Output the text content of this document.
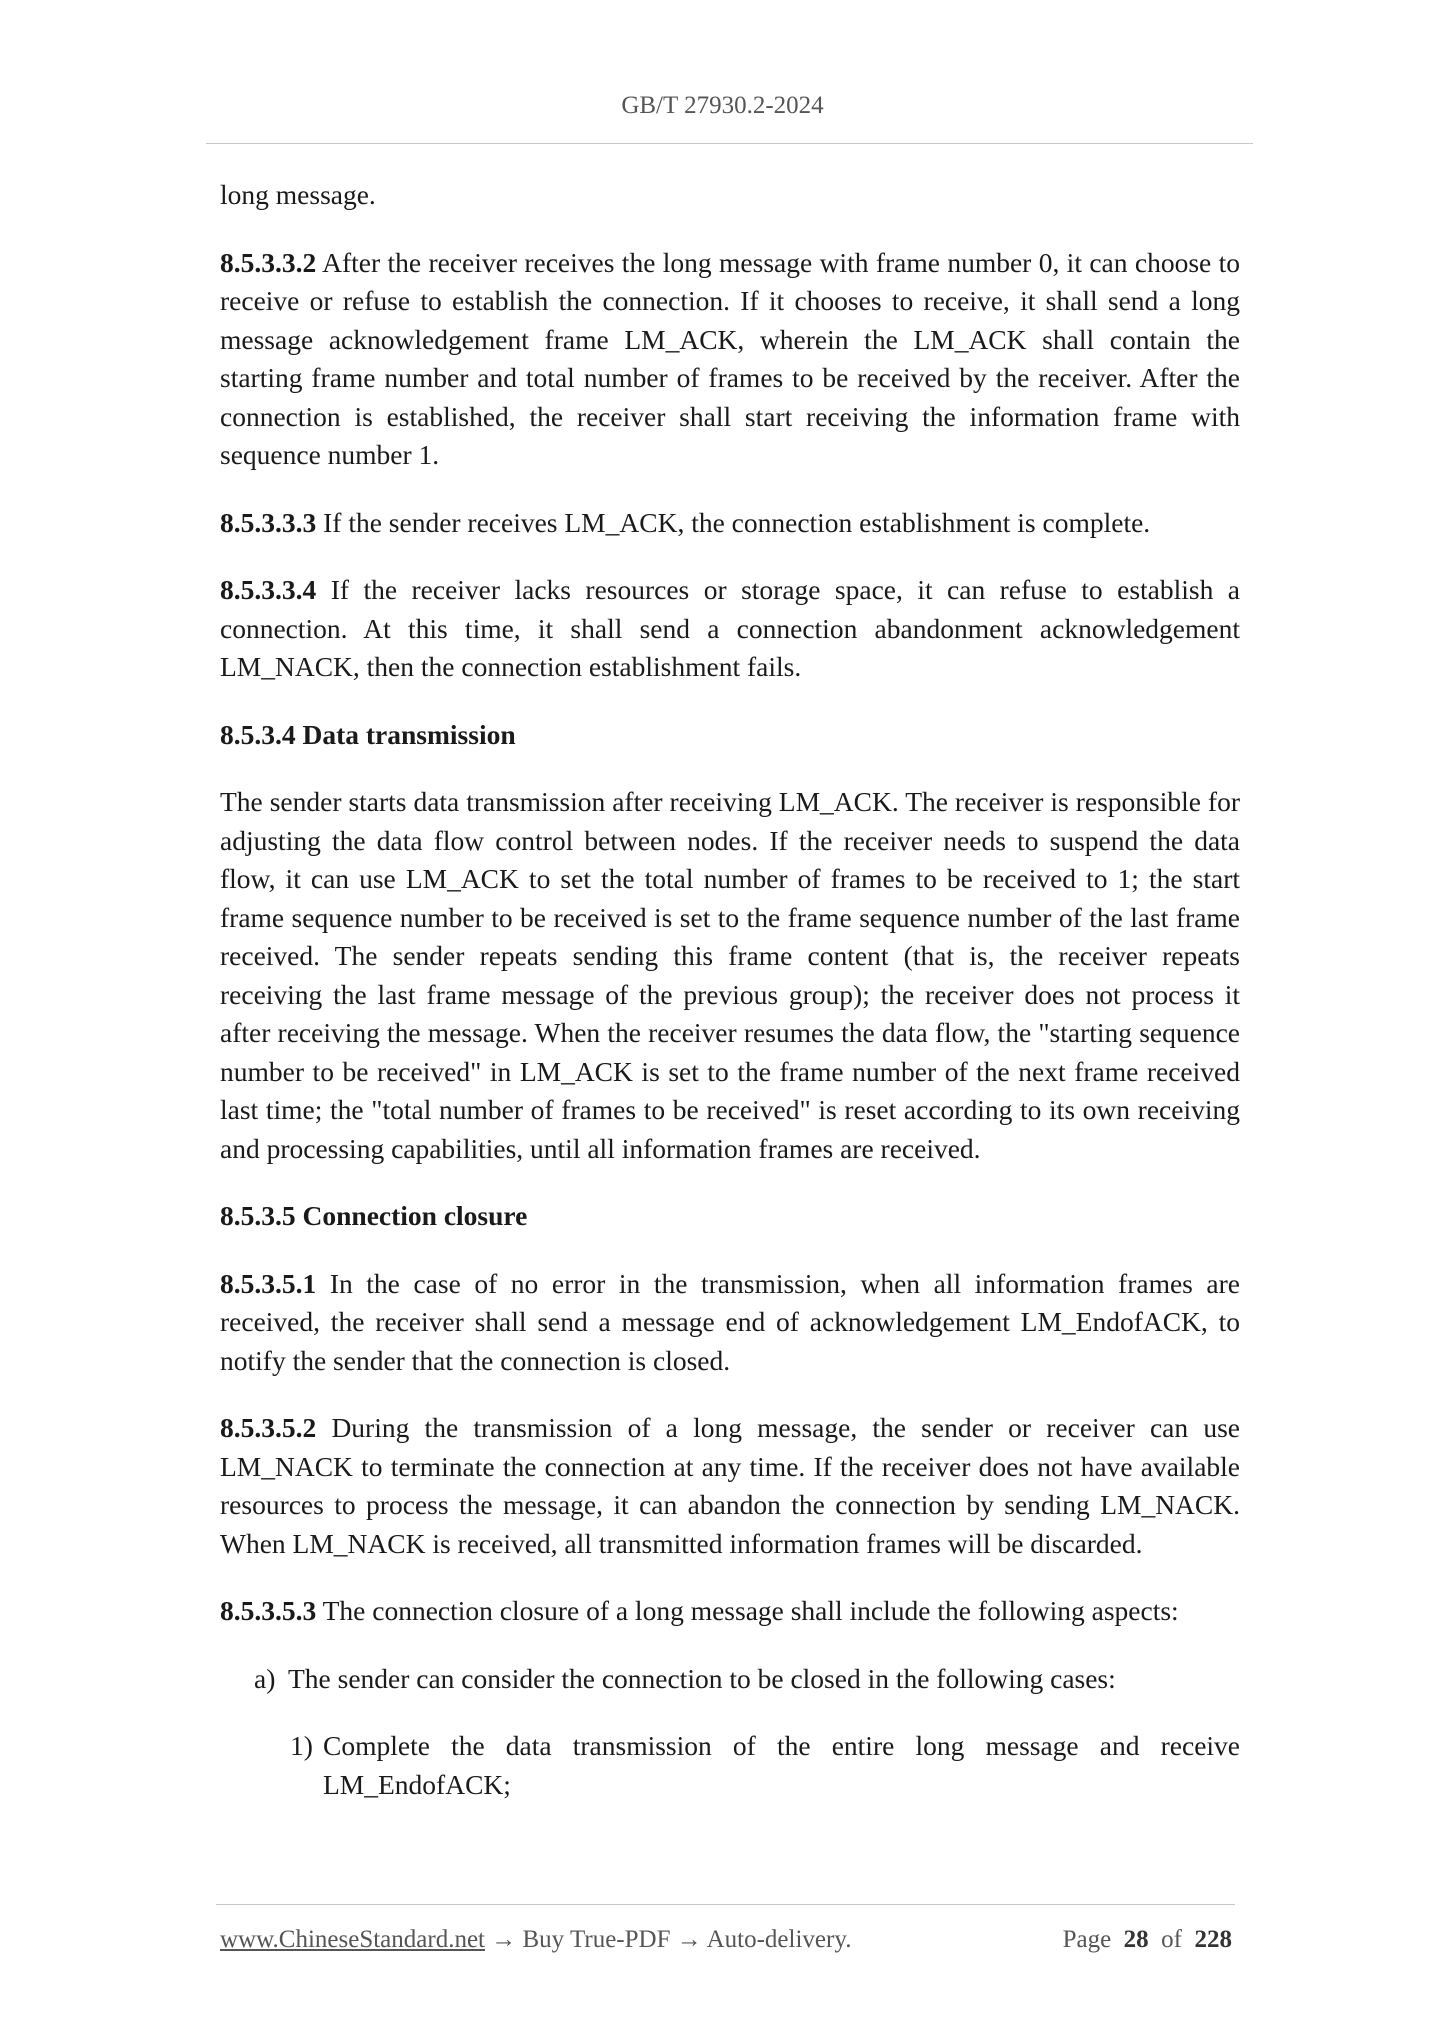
GB/T 27930.2-2024

long message.

8.5.3.3.2 After the receiver receives the long message with frame number 0, it can choose to receive or refuse to establish the connection. If it chooses to receive, it shall send a long message acknowledgement frame LM_ACK, wherein the LM_ACK shall contain the starting frame number and total number of frames to be received by the receiver. After the connection is established, the receiver shall start receiving the information frame with sequence number 1.

8.5.3.3.3 If the sender receives LM_ACK, the connection establishment is complete.

8.5.3.3.4 If the receiver lacks resources or storage space, it can refuse to establish a connection. At this time, it shall send a connection abandonment acknowledgement LM_NACK, then the connection establishment fails.

8.5.3.4 Data transmission

The sender starts data transmission after receiving LM_ACK. The receiver is responsible for adjusting the data flow control between nodes. If the receiver needs to suspend the data flow, it can use LM_ACK to set the total number of frames to be received to 1; the start frame sequence number to be received is set to the frame sequence number of the last frame received. The sender repeats sending this frame content (that is, the receiver repeats receiving the last frame message of the previous group); the receiver does not process it after receiving the message. When the receiver resumes the data flow, the "starting sequence number to be received" in LM_ACK is set to the frame number of the next frame received last time; the "total number of frames to be received" is reset according to its own receiving and processing capabilities, until all information frames are received.

8.5.3.5 Connection closure

8.5.3.5.1 In the case of no error in the transmission, when all information frames are received, the receiver shall send a message end of acknowledgement LM_EndofACK, to notify the sender that the connection is closed.

8.5.3.5.2 During the transmission of a long message, the sender or receiver can use LM_NACK to terminate the connection at any time. If the receiver does not have available resources to process the message, it can abandon the connection by sending LM_NACK. When LM_NACK is received, all transmitted information frames will be discarded.

8.5.3.5.3 The connection closure of a long message shall include the following aspects:

a) The sender can consider the connection to be closed in the following cases:

1) Complete the data transmission of the entire long message and receive LM_EndofACK;

www.ChineseStandard.net → Buy True-PDF → Auto-delivery.	Page 28 of 228
